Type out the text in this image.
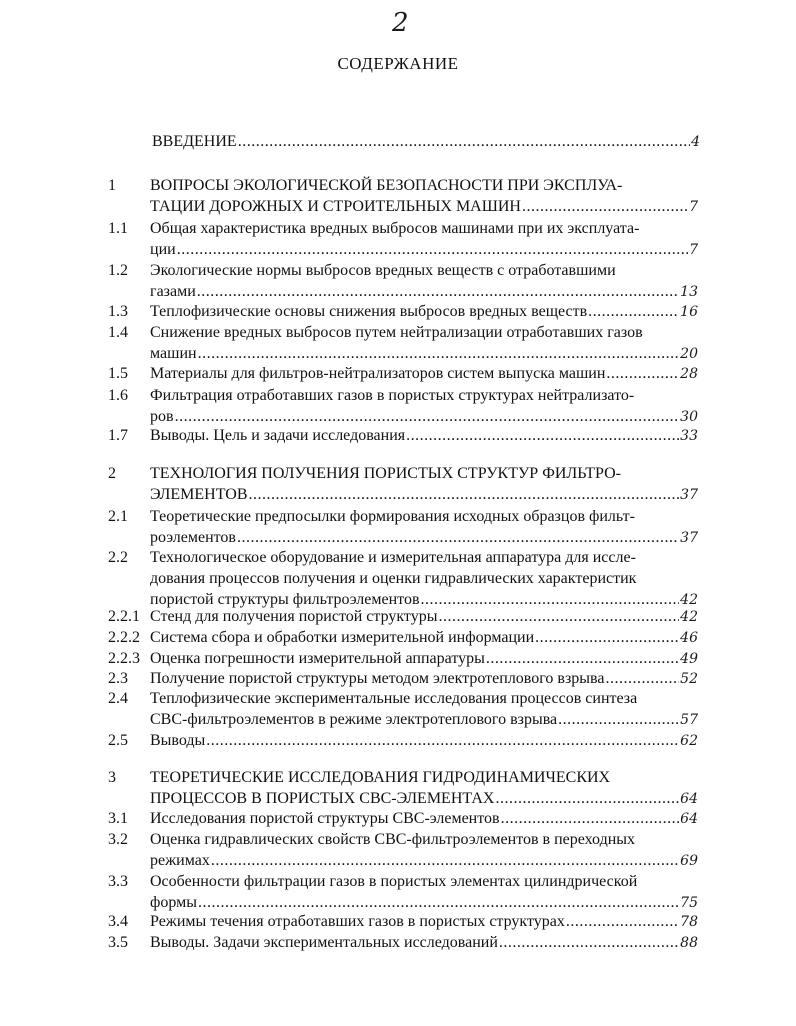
2
СОДЕРЖАНИЕ
ВВЕДЕНИЕ .....	4
1 ВОПРОСЫ ЭКОЛОГИЧЕСКОЙ БЕЗОПАСНОСТИ ПРИ ЭКСПЛУА-
ТАЦИИ ДОРОЖНЫХ И СТРОИТЕЛЬНЫХ МАШИН .....	7
1.1 Общая характеристика вредных выбросов машинами при их эксплуата-
ции .....	7
1.2 Экологические нормы выбросов вредных веществ с отработавшими
газами .....	13
1.3 Теплофизические основы снижения выбросов вредных веществ .....	16
1.4 Снижение вредных выбросов путем нейтрализации отработавших газов
машин .....	20
1.5 Материалы для фильтров-нейтрализаторов систем выпуска машин .....	28
1.6 Фильтрация отработавших газов в пористых структурах нейтрализато-
ров .....	30
1.7 Выводы. Цель и задачи исследования .....	33
2 ТЕХНОЛОГИЯ ПОЛУЧЕНИЯ ПОРИСТЫХ СТРУКТУР ФИЛЬТРО-
ЭЛЕМЕНТОВ .....	37
2.1 Теоретические предпосылки формирования исходных образцов фильт-
роэлементов .....	37
2.2 Технологическое оборудование и измерительная аппаратура для иссле-
дования процессов получения и оценки гидравлических характеристик
пористой структуры фильтроэлементов .....	42
2.2.1 Стенд для получения пористой структуры .....	42
2.2.2 Система сбора и обработки измерительной информации .....	46
2.2.3 Оценка погрешности измерительной аппаратуры .....	49
2.3 Получение пористой структуры методом электротеплового взрыва .....	52
2.4 Теплофизические экспериментальные исследования процессов синтеза
СВС-фильтроэлементов в режиме электротеплового взрыва .....	57
2.5 Выводы .....	62
3 ТЕОРЕТИЧЕСКИЕ ИССЛЕДОВАНИЯ ГИДРОДИНАМИЧЕСКИХ
ПРОЦЕССОВ В ПОРИСТЫХ СВС-ЭЛЕМЕНТАХ .....	64
3.1 Исследования пористой структуры СВС-элементов .....	64
3.2 Оценка гидравлических свойств СВС-фильтроэлементов в переходных
режимах .....	69
3.3 Особенности фильтрации газов в пористых элементах цилиндрической
формы .....	75
3.4 Режимы течения отработавших газов в пористых структурах .....	78
3.5 Выводы. Задачи экспериментальных исследований .....	88
